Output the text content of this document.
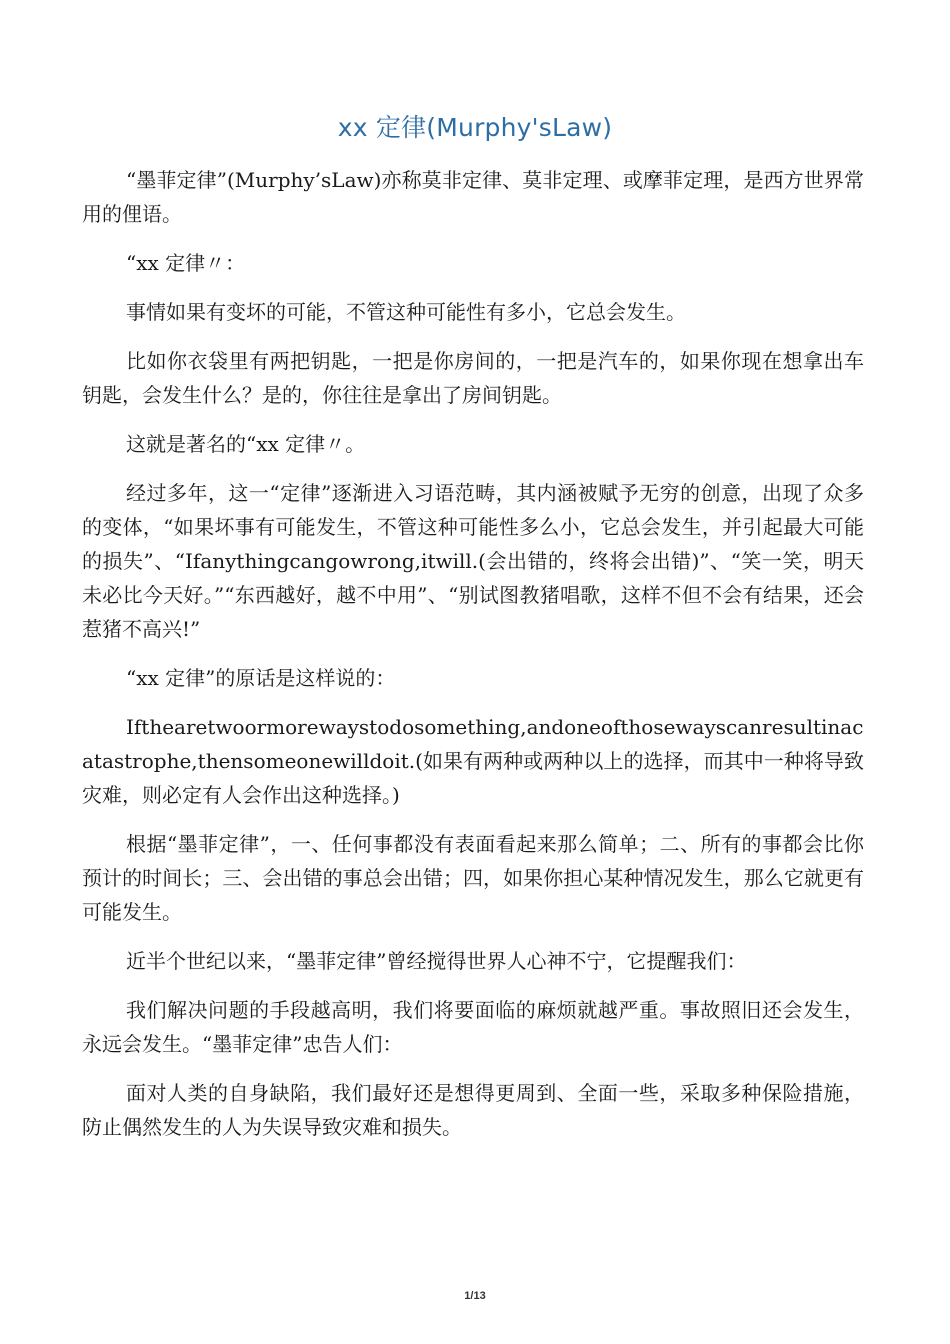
xx 定律(Murphy'sLaw)

“墨菲定律”(Murphy’sLaw)亦称莫非定律、莫非定理、或摩菲定理，是西方世界常用的俚语。

“xx 定律〃：

事情如果有变坏的可能，不管这种可能性有多小，它总会发生。

比如你衣袋里有两把钥匙，一把是你房间的，一把是汽车的，如果你现在想拿出车钥匙，会发生什么？是的，你往往是拿出了房间钥匙。

这就是著名的“xx 定律〃。

经过多年，这一“定律”逐渐进入习语范畴，其内涵被赋予无穷的创意，出现了众多的变体，“如果坏事有可能发生，不管这种可能性多么小，它总会发生，并引起最大可能的损失”、“Ifanythingcangowrong,itwill.(会出错的，终将会出错)”、“笑一笑，明天未必比今天好。”“东西越好，越不中用”、“别试图教猪唱歌，这样不但不会有结果，还会惹猪不高兴!”

“xx 定律”的原话是这样说的：

Ifthearetwoormorewaystodosomething,andoneofthosewayscanresultinacatastrophe,thensomeonewilldoit.(如果有两种或两种以上的选择，而其中一种将导致灾难，则必定有人会作出这种选择。)

根据“墨菲定律”，一、任何事都没有表面看起来那么简单；二、所有的事都会比你预计的时间长；三、会出错的事总会出错；四，如果你担心某种情况发生，那么它就更有可能发生。

近半个世纪以来，“墨菲定律”曾经搅得世界人心神不宁，它提醒我们：

我们解决问题的手段越高明，我们将要面临的麻烦就越严重。事故照旧还会发生，永远会发生。“墨菲定律”忠告人们：

面对人类的自身缺陷，我们最好还是想得更周到、全面一些，采取多种保险措施，防止偶然发生的人为失误导致灾难和损失。

1/13
